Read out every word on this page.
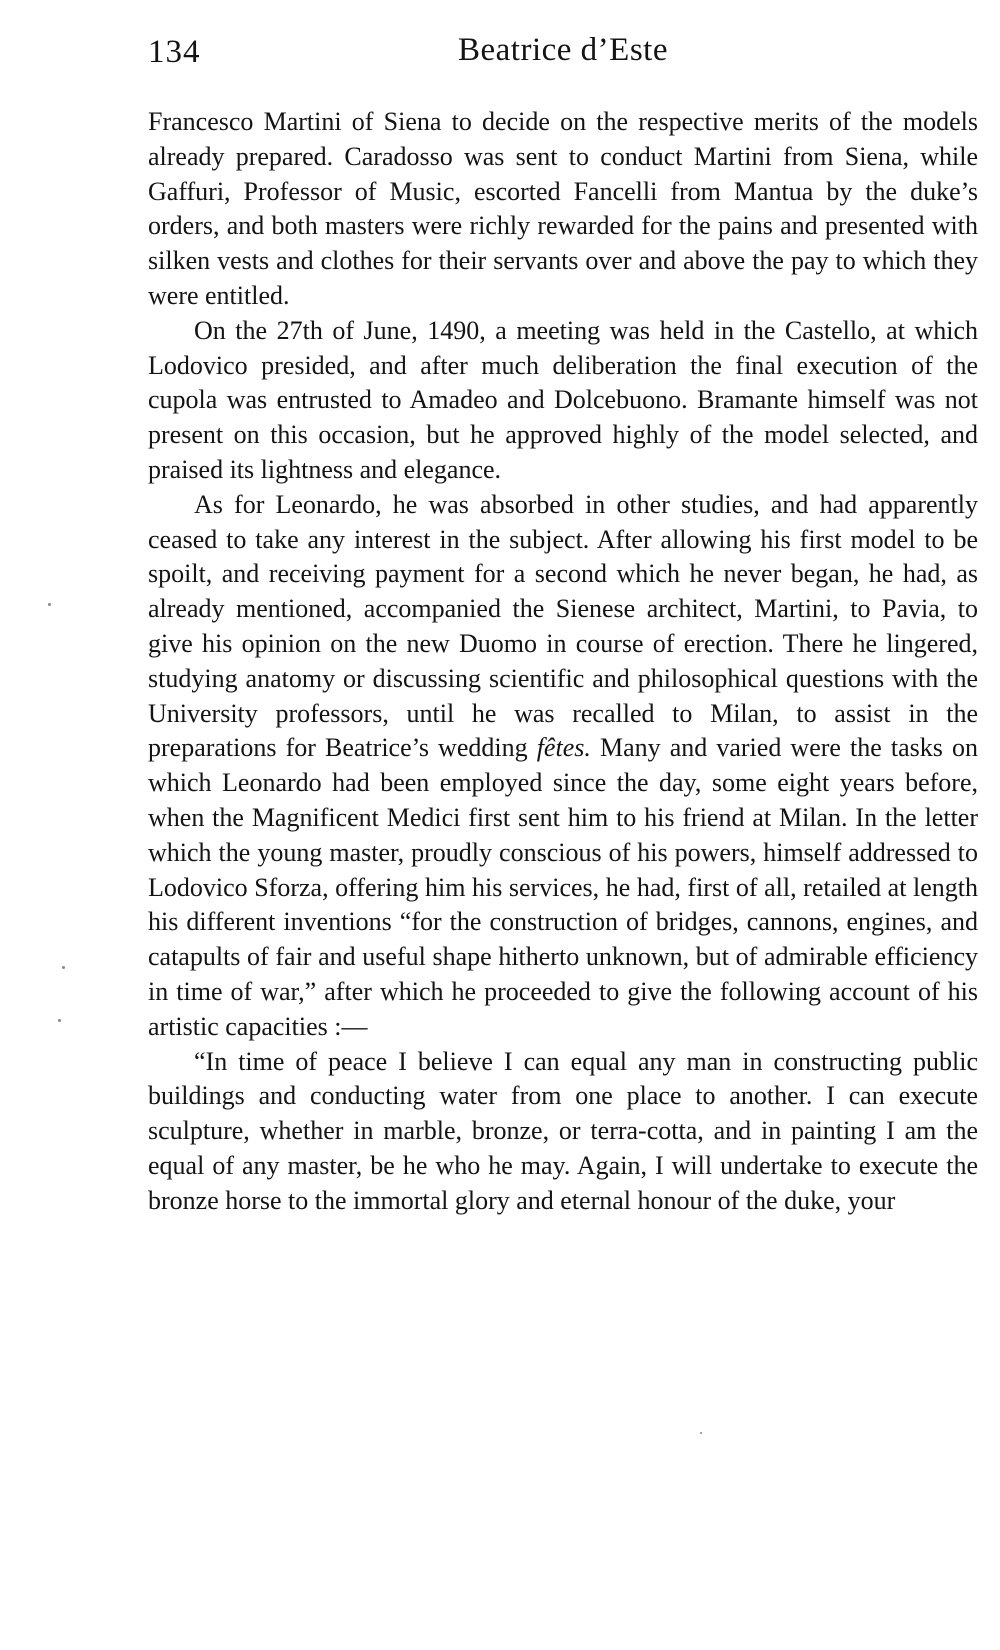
134	Beatrice d’Este

Francesco Martini of Siena to decide on the respective merits of the models already prepared. Caradosso was sent to conduct Martini from Siena, while Gaffuri, Professor of Music, escorted Fancelli from Mantua by the duke’s orders, and both masters were richly rewarded for the pains and presented with silken vests and clothes for their servants over and above the pay to which they were entitled.

On the 27th of June, 1490, a meeting was held in the Castello, at which Lodovico presided, and after much deliberation the final execution of the cupola was entrusted to Amadeo and Dolcebuono. Bramante himself was not present on this occasion, but he approved highly of the model selected, and praised its lightness and elegance.

As for Leonardo, he was absorbed in other studies, and had apparently ceased to take any interest in the subject. After allowing his first model to be spoilt, and receiving payment for a second which he never began, he had, as already mentioned, accompanied the Sienese architect, Martini, to Pavia, to give his opinion on the new Duomo in course of erection. There he lingered, studying anatomy or discussing scientific and philosophical questions with the University professors, until he was recalled to Milan, to assist in the preparations for Beatrice’s wedding fêtes. Many and varied were the tasks on which Leonardo had been employed since the day, some eight years before, when the Magnificent Medici first sent him to his friend at Milan. In the letter which the young master, proudly conscious of his powers, himself addressed to Lodovico Sforza, offering him his services, he had, first of all, retailed at length his different inventions “for the construction of bridges, cannons, engines, and catapults of fair and useful shape hitherto unknown, but of admirable efficiency in time of war,” after which he proceeded to give the following account of his artistic capacities :—

“In time of peace I believe I can equal any man in constructing public buildings and conducting water from one place to another. I can execute sculpture, whether in marble, bronze, or terra-cotta, and in painting I am the equal of any master, be he who he may. Again, I will undertake to execute the bronze horse to the immortal glory and eternal honour of the duke, your
